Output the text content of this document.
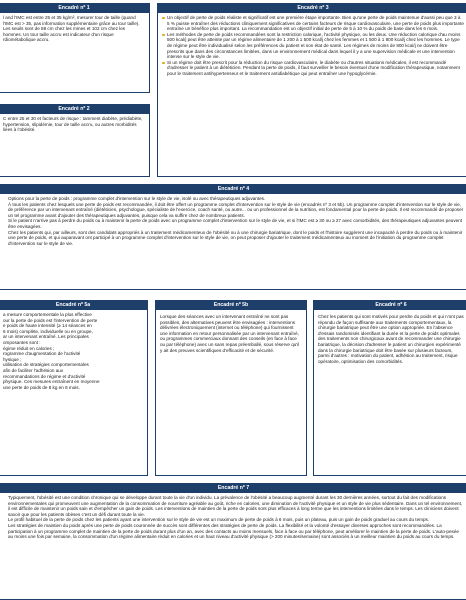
Encadré nº 1

l and l'IMC est entre 25 et 35 kg/m², mesurer tour de taille (quand l'IMC est > 35, pas information supplémentaire grâce au tour taille). Les seuils sont de 88 cm chez les mmes et 102 cm chez les hommes. Un tour taille accru est indicateur d'un risque rdiométabolique accru.

Encadré nº 2

C entre 25 et 30 et facteurs de risque : tamment diabète, prédiabète, hypertension, slipidémie, tour de taille accru, ou autres morbidités liées à l'obésité.

Encadré nº 3
Un objectif de perte de poids réaliste et significatif est une première étape importante. Bien qu'une perte de poids maintenue d'aussi peu que 3 à 5 % puisse entraîner des réductions cliniquement significatives de certains facteurs de risque cardiovasculaire, une perte de poids plus importante entraîne un bénéfice plus important. La recommandation est un objectif initial de perte de 5 à 10 % du poids de base dans les 6 mois.
Les méthodes de perte de poids recommandées sont la restriction calorique, l'activité physique, ou les deux. Une réduction calorique d'au moins 500 kcal/j peut être atteinte par un régime alimentaire de 1 200 à 1 500 kcal/j chez les femmes et 1 500 à 1 800 kcal/j chez les hommes. Le type de régime peut être individualisé selon les préférences du patient et son état de santé. Les régimes de moins de 800 kcal/j ne doivent être prescrits que dans des circonstances limitées, dans un environnement médical dans lequel il y a une supervision médicale et une intervention intense sur le style de vie.
Si un régime doit être prescrit pour la réduction du risque cardiovasculaire, le diabète ou d'autres situations médicales, il est recommandé d'adresser le patient à un diététicien. Pendant la perte de poids, il faut surveiller le besoin éventuel d'une modification thérapeutique, notamment pour le traitement antihypertenseur et le traitement antidiabétique qui peut entraîner une hypoglycémie.
Encadré nº 4
Options pour la perte de poids : programme complet d'intervention sur le style de vie, isolé ou avec thérapeutiques adjuvantes.
À tous les patients chez lesquels une perte de poids est recommandée, il doit être offert un programme complet d'intervention sur le style de vie (encadrés nº 3 et 5b). Un programme complet d'intervention sur le style de vie, de préférence par un intervenant entraîné (diététicien, psychologue, spécialiste de l'exercice, coach santé, ou autre... ou un professionnel de la nutrition, est fondamental pour la perte de poids. Il est recommandé de proposer un tel programme avant d'ajouter des thérapeutiques adjuvantes, puisque cela va suffire chez de nombreux patients.
Si le patient n'arrive pas à perdre du poids ou à maintenir la perte de poids avec un programme complet d'intervention sur le style de vie, et si l'IMC est ≥ 30 ou ≥ 27 avec comorbidités, des thérapeutiques adjuvantes peuvent être envisagées.
Chez les patients qui, par ailleurs, sont des candidats appropriés à un traitement médicamenteux de l'obésité ou à une chirurgie bariatrique, dont le poids et l'histoire suggèrent une incapacité à perdre du poids ou à maintenir une perte de poids, et qui auparavant ont participé à un programme complet d'intervention sur le style de vie, on peut proposer d'ajouter le traitement médicamenteux au moment de l'initiation du programme complet d'intervention sur le style de vie.
Encadré nº 5a

a mesure comportementale la plus effective

our la perte de poids est l'intervention de perte

e poids de haute intensité (≥ 14 séances en

6 mois) complète, individuelle ou en groupe,

ar un intervenant entraîné. Les principales

omposantes sont :

égime réduit en calories ;

rogramme d'augmentation de l'activité

hysique ;

utilisation de stratégies comportementales

afin de faciliter l'adhésion aux

recommandations de régime et d'activité

physique. Ces mesures entraînent en moyenne

une perte de poids de 8 kg en 6 mois.

Encadré nº 5b

Lorsque des séances avec un intervenant entraîné ne sont pas possibles, des alternatives peuvent être envisagées : interventions délivrées électroniquement (internet ou téléphone) qui fournissent une information en retour personnalisée par un intervenant entraîné, ou programmes commerciaux donnant des conseils (en face à face ou par téléphone) avec un sans repas préemballé, sous réserve qu'il y ait des preuves scientifiques d'efficacité et de sécurité.

Encadré nº 6

Chez les patients qui sont motivés pour perdre du poids et qui n'ont pas répondu de façon suffisante aux traitements comportementaux, la chirurgie bariatrique peut être une option appropriée. En l'absence d'essais randomisés identifiant la durée et la perte de poids optimales des traitements non chirurgicaux avant de recommander une chirurgie bariatrique, la décision d'adresser le patient un chirurgien expérimenté dans la chirurgie bariatrique doit être basée sur plusieurs facteurs, parmi d'autres : motivation du patient, adhésion au traitement, risque opératoire, optimisation des comorbidités.

Encadré nº 7
Typiquement, l'obésité est une condition chronique qui se développe durant toute la vie d'un individu. La prévalence de l'obésité a beaucoup augmenté durant les 30 dernières années, surtout du fait des modifications environnementales qui promeuvent une augmentation de la consommation de nourriture agréable au goût, riche en calories, une diminution de l'activité physique et un style de vie plus sédentaire. Dans un tel environnement, il est difficile de maintenir un poids sain et d'empêcher un gain de poids. Les interventions de maintien de la perte de poids sont plus efficaces à long terme que les interventions limitées dans le temps. Les cliniciens doivent savoir que pour les patients obèses c'est un défi durant toute la vie.
Le profil habituel de la perte de poids chez les patients ayant une intervention sur le style de vie est un maximum de perte de poids à 6 mois, puis un plateau, puis un gain de poids graduel au cours du temps.
Les stratégies de maintien du poids après une perte de poids couronnée de succès sont différentes des stratégies de perte de poids. La flexibilité et la volonté d'essayer diverses approches sont recommandées. La participation à un programme complet de maintien de la perte de poids durant plus d'un an, avec des contacts au moins mensuels, face à face ou par téléphone, peut améliorer le maintien de la perte de poids. L'auto-pesée au moins une fois par semaine, la consommation d'un régime alimentaire réduit en calories et un haut niveau d'activité physique (> 200 minutes/semaine) sont associés à un meilleur maintien du poids au cours du temps.
